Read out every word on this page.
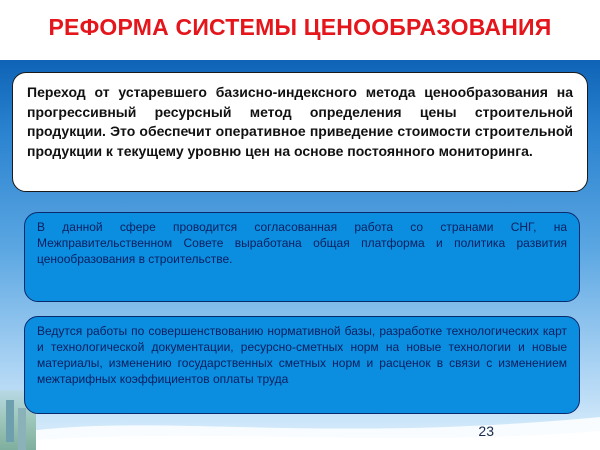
РЕФОРМА СИСТЕМЫ ЦЕНООБРАЗОВАНИЯ

Переход от устаревшего базисно-индексного метода ценообразования на прогрессивный ресурсный метод определения цены строительной продукции. Это обеспечит оперативное приведение стоимости строительной продукции к текущему уровню цен на основе постоянного мониторинга.

В данной сфере проводится согласованная работа со странами СНГ, на Межправительственном Совете выработана общая платформа и политика развития ценообразования в строительстве.

Ведутся работы по совершенствованию нормативной базы, разработке технологических карт и технологической документации, ресурсно-сметных норм на новые технологии и новые материалы, изменению государственных сметных норм и расценок в связи с изменением межтарифных коэффициентов оплаты труда

23
